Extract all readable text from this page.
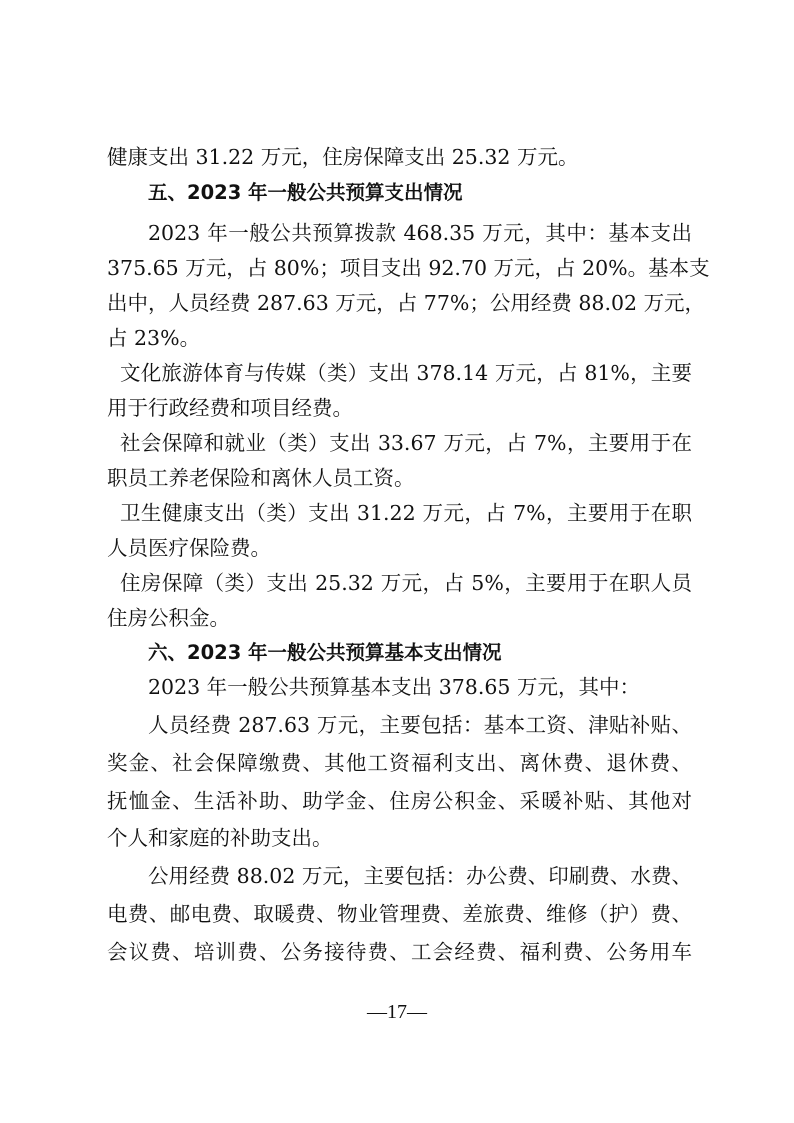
健康支出 31.22 万元，住房保障支出 25.32 万元。
五、2023 年一般公共预算支出情况
2023 年一般公共预算拨款 468.35 万元，其中：基本支出
375.65 万元，占 80%；项目支出 92.70 万元，占 20%。基本支
出中，人员经费 287.63 万元，占 77%；公用经费 88.02 万元，
占 23%。
文化旅游体育与传媒（类）支出 378.14 万元，占 81%，主要
用于行政经费和项目经费。
社会保障和就业（类）支出 33.67 万元，占 7%，主要用于在
职员工养老保险和离休人员工资。
卫生健康支出（类）支出 31.22 万元，占 7%，主要用于在职
人员医疗保险费。
住房保障（类）支出 25.32 万元，占 5%，主要用于在职人员
住房公积金。
六、2023 年一般公共预算基本支出情况
2023 年一般公共预算基本支出 378.65 万元，其中：
人员经费 287.63 万元，主要包括：基本工资、津贴补贴、
奖金、社会保障缴费、其他工资福利支出、离休费、退休费、
抚恤金、生活补助、助学金、住房公积金、采暖补贴、其他对
个人和家庭的补助支出。
公用经费 88.02 万元，主要包括：办公费、印刷费、水费、
电费、邮电费、取暖费、物业管理费、差旅费、维修（护）费、
会议费、培训费、公务接待费、工会经费、福利费、公务用车
—17—
